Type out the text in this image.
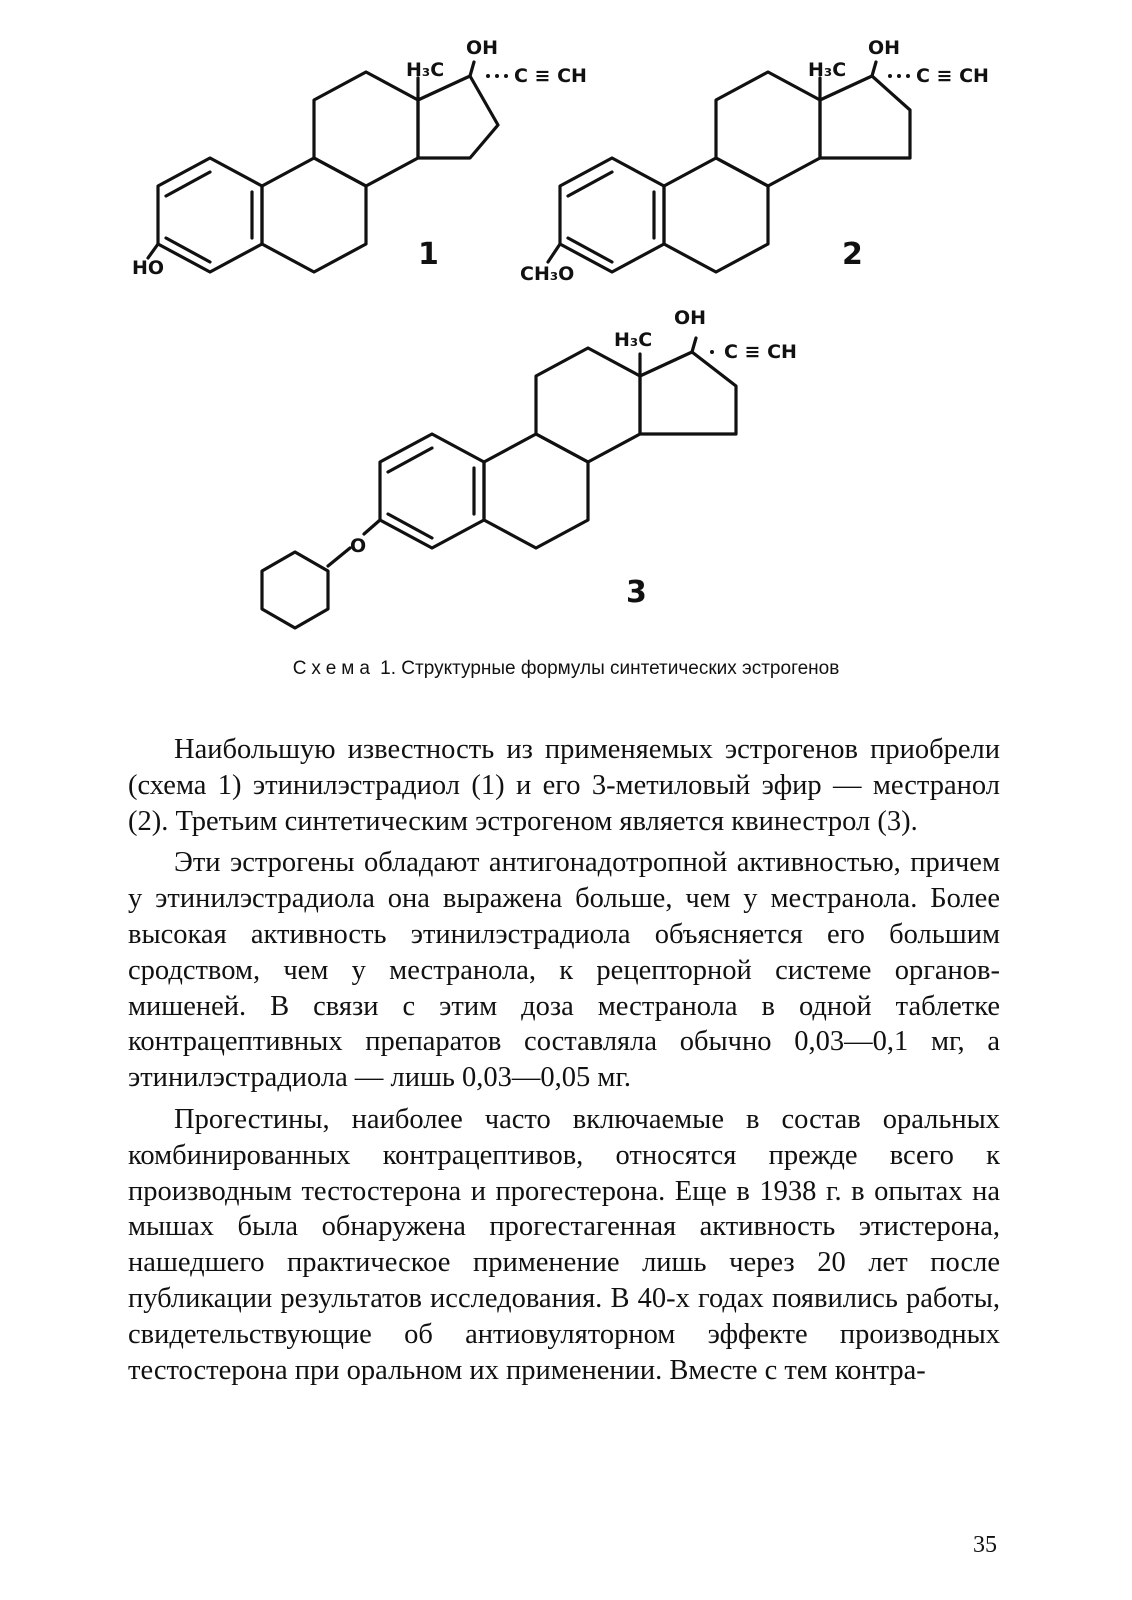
H₃C
OH
C ≡ CH
HO	1
H₃C
OH
C ≡ CH
CH₃O
2
H₃C
OH
C ≡ CH
O
3
Схема 1. Структурные формулы синтетических эстрогенов

Наибольшую известность из применяемых эстрогенов приобрели (схема 1) этинилэстрадиол (1) и его 3-метиловый эфир — местранол (2). Третьим синтетическим эстрогеном является квинестрол (3).

Эти эстрогены обладают антигонадотропной активностью, причем у этинилэстрадиола она выражена больше, чем у местранола. Более высокая активность этинилэстрадиола объясняется его большим сродством, чем у местранола, к рецепторной системе органов-мишеней. В связи с этим доза местранола в одной таблетке контрацептивных препаратов составляла обычно 0,03—0,1 мг, а этинилэстрадиола — лишь 0,03—0,05 мг.

Прогестины, наиболее часто включаемые в состав оральных комбинированных контрацептивов, относятся прежде всего к производным тестостерона и прогестерона. Еще в 1938 г. в опытах на мышах была обнаружена прогестагенная активность этистерона, нашедшего практическое применение лишь через 20 лет после публикации результатов исследования. В 40-х годах появились работы, свидетельствующие об антиовуляторном эффекте производных тестостерона при оральном их применении. Вместе с тем контра-

35
